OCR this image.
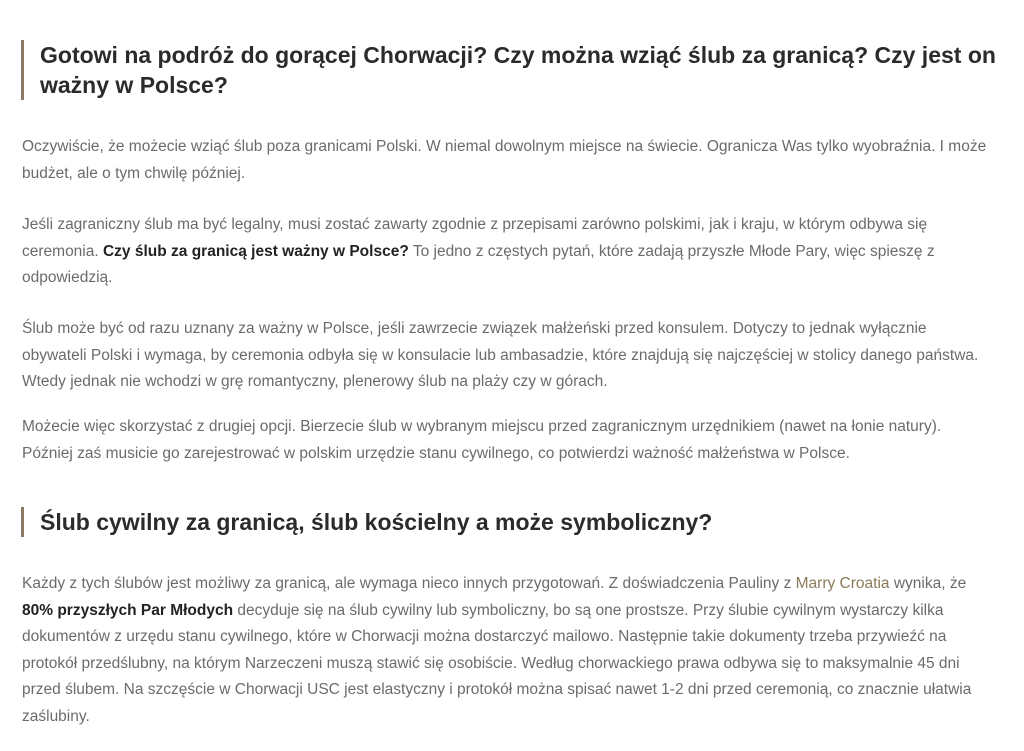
Gotowi na podróż do gorącej Chorwacji? Czy można wziąć ślub za granicą? Czy jest on ważny w Polsce?

Oczywiście, że możecie wziąć ślub poza granicami Polski. W niemal dowolnym miejsce na świecie. Ogranicza Was tylko wyobraźnia. I może budżet, ale o tym chwilę później.

Jeśli zagraniczny ślub ma być legalny, musi zostać zawarty zgodnie z przepisami zarówno polskimi, jak i kraju, w którym odbywa się ceremonia. Czy ślub za granicą jest ważny w Polsce? To jedno z częstych pytań, które zadają przyszłe Młode Pary, więc spieszę z odpowiedzią.

Ślub może być od razu uznany za ważny w Polsce, jeśli zawrzecie związek małżeński przed konsulem. Dotyczy to jednak wyłącznie obywateli Polski i wymaga, by ceremonia odbyła się w konsulacie lub ambasadzie, które znajdują się najczęściej w stolicy danego państwa. Wtedy jednak nie wchodzi w grę romantyczny, plenerowy ślub na plaży czy w górach.

Możecie więc skorzystać z drugiej opcji. Bierzecie ślub w wybranym miejscu przed zagranicznym urzędnikiem (nawet na łonie natury). Później zaś musicie go zarejestrować w polskim urzędzie stanu cywilnego, co potwierdzi ważność małżeństwa w Polsce.

Ślub cywilny za granicą, ślub kościelny a może symboliczny?

Każdy z tych ślubów jest możliwy za granicą, ale wymaga nieco innych przygotowań. Z doświadczenia Pauliny z Marry Croatia wynika, że 80% przyszłych Par Młodych decyduje się na ślub cywilny lub symboliczny, bo są one prostsze. Przy ślubie cywilnym wystarczy kilka dokumentów z urzędu stanu cywilnego, które w Chorwacji można dostarczyć mailowo. Następnie takie dokumenty trzeba przywieźć na protokół przedślubny, na którym Narzeczeni muszą stawić się osobiście. Według chorwackiego prawa odbywa się to maksymalnie 45 dni przed ślubem. Na szczęście w Chorwacji USC jest elastyczny i protokół można spisać nawet 1-2 dni przed ceremonią, co znacznie ułatwia zaślubiny.
